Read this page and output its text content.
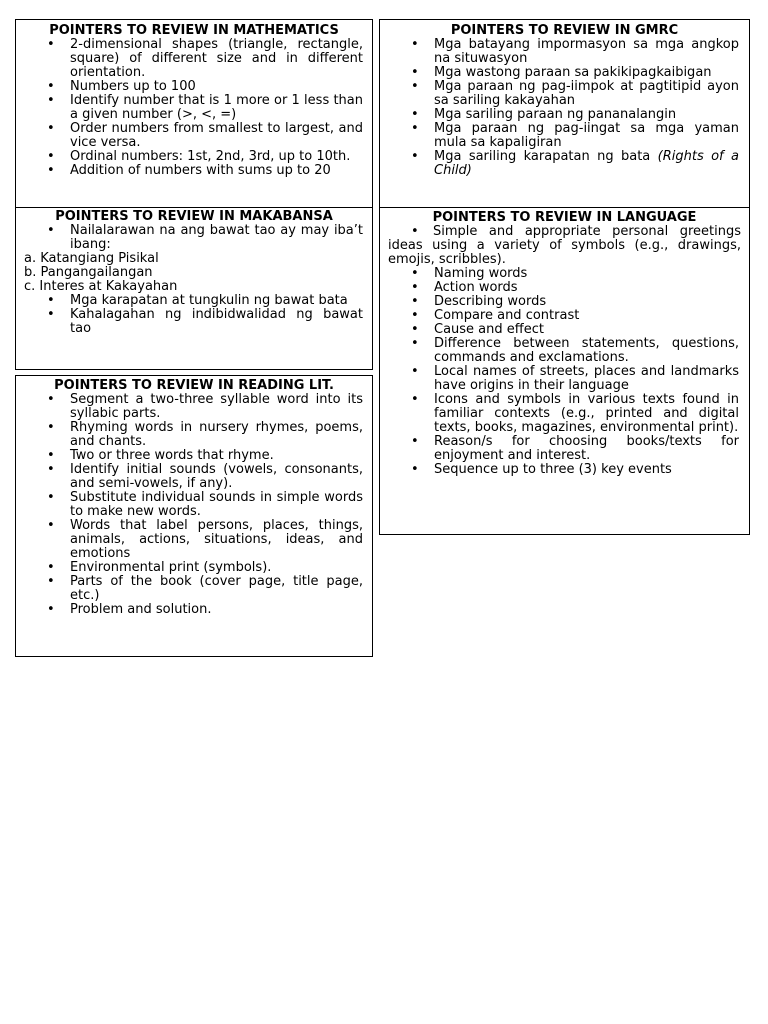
POINTERS TO REVIEW IN MATHEMATICS
• 2-dimensional shapes (triangle, rectangle, square) of different size and in different orientation.
• Numbers up to 100
• Identify number that is 1 more or 1 less than a given number (>, <, =)
• Order numbers from smallest to largest, and vice versa.
• Ordinal numbers: 1st, 2nd, 3rd, up to 10th.
• Addition of numbers with sums up to 20
POINTERS TO REVIEW IN GMRC
• Mga batayang impormasyon sa mga angkop na situwasyon
• Mga wastong paraan sa pakikipagkaibigan
• Mga paraan ng pag-iimpok at pagtitipid ayon sa sariling kakayahan
• Mga sariling paraan ng pananalangin
• Mga paraan ng pag-iingat sa mga yaman mula sa kapaligiran
• Mga sariling karapatan ng bata (Rights of a Child)
POINTERS TO REVIEW IN MAKABANSA
• Nailalarawan na ang bawat tao ay may iba’t ibang:
a. Katangiang Pisikal
b. Pangangailangan
c. Interes at Kakayahan
• Mga karapatan at tungkulin ng bawat bata
• Kahalagahan ng indibidwalidad ng bawat tao
POINTERS TO REVIEW IN LANGUAGE
• Simple and appropriate personal greetings ideas using a variety of symbols (e.g., drawings, emojis, scribbles).
• Naming words
• Action words
• Describing words
• Compare and contrast
• Cause and effect
• Difference between statements, questions, commands and exclamations.
• Local names of streets, places and landmarks have origins in their language
• Icons and symbols in various texts found in familiar contexts (e.g., printed and digital texts, books, magazines, environmental print).
• Reason/s for choosing books/texts for enjoyment and interest.
• Sequence up to three (3) key events
POINTERS TO REVIEW IN READING LIT.
• Segment a two-three syllable word into its syllabic parts.
• Rhyming words in nursery rhymes, poems, and chants.
• Two or three words that rhyme.
• Identify initial sounds (vowels, consonants, and semi-vowels, if any).
• Substitute individual sounds in simple words to make new words.
• Words that label persons, places, things, animals, actions, situations, ideas, and emotions
• Environmental print (symbols).
• Parts of the book (cover page, title page, etc.)
• Problem and solution.
